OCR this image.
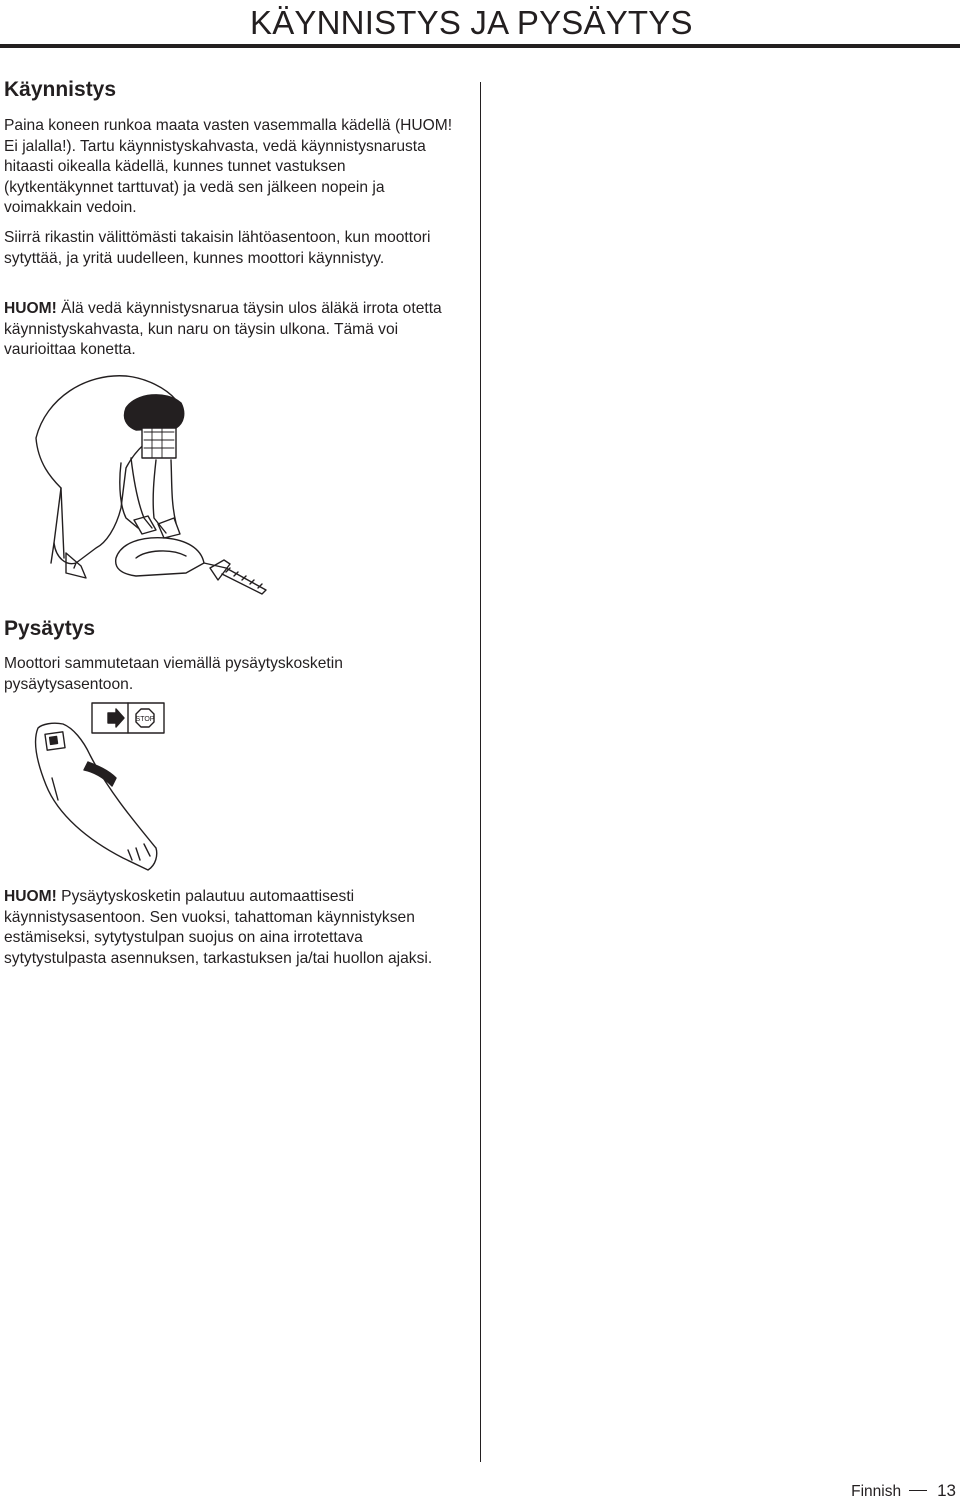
KÄYNNISTYS JA PYSÄYTYS
Käynnistys

Paina koneen runkoa maata vasten vasemmalla kädellä (HUOM! Ei jalalla!). Tartu käynnistyskahvasta, vedä käynnistysnarusta hitaasti oikealla kädellä, kunnes tunnet vastuksen (kytkentäkynnet tarttuvat) ja vedä sen jälkeen nopein ja voimakkain vedoin.

Siirrä rikastin välittömästi takaisin lähtöasentoon, kun moottori sytyttää, ja yritä uudelleen, kunnes moottori käynnistyy.

HUOM! Älä vedä käynnistysnarua täysin ulos äläkä irrota otetta käynnistyskahvasta, kun naru on täysin ulkona. Tämä voi vaurioittaa konetta.

Pysäytys

Moottori sammutetaan viemällä pysäytyskosketin pysäytysasentoon.

STOP

HUOM! Pysäytyskosketin palautuu automaattisesti käynnistysasentoon. Sen vuoksi, tahattoman käynnistyksen estämiseksi, sytytystulpan suojus on aina irrotettava sytytystulpasta asennuksen, tarkastuksen ja/tai huollon ajaksi.

Finnish 13
